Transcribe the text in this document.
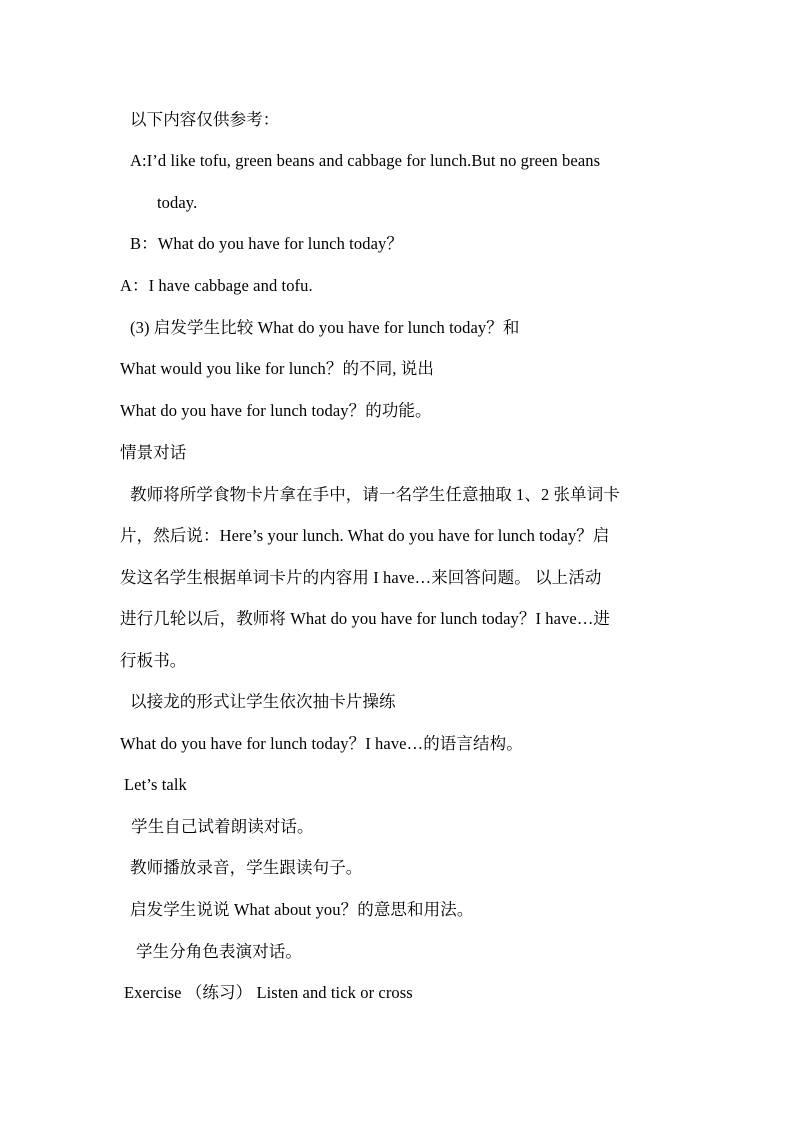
以下内容仅供参考：
A:I’d like tofu, green beans and cabbage for lunch.But no green beans
today.
B：What do you have for lunch today？
A：I have cabbage and tofu.
(3) 启发学生比较 What do you have for lunch today？和
What would you like for lunch？的不同, 说出
What do you have for lunch today？的功能。
情景对话
教师将所学食物卡片拿在手中，请一名学生任意抽取 1、2 张单词卡
片，然后说：Here’s your lunch. What do you have for lunch today？启
发这名学生根据单词卡片的内容用 I have…来回答问题。 以上活动
进行几轮以后，教师将 What do you have for lunch today？I have…进
行板书。
以接龙的形式让学生依次抽卡片操练
What do you have for lunch today？I have…的语言结构。
Let’s talk
学生自己试着朗读对话。
教师播放录音，学生跟读句子。
启发学生说说 What about you？的意思和用法。
学生分角色表演对话。
Exercise （练习） Listen and tick or cross
